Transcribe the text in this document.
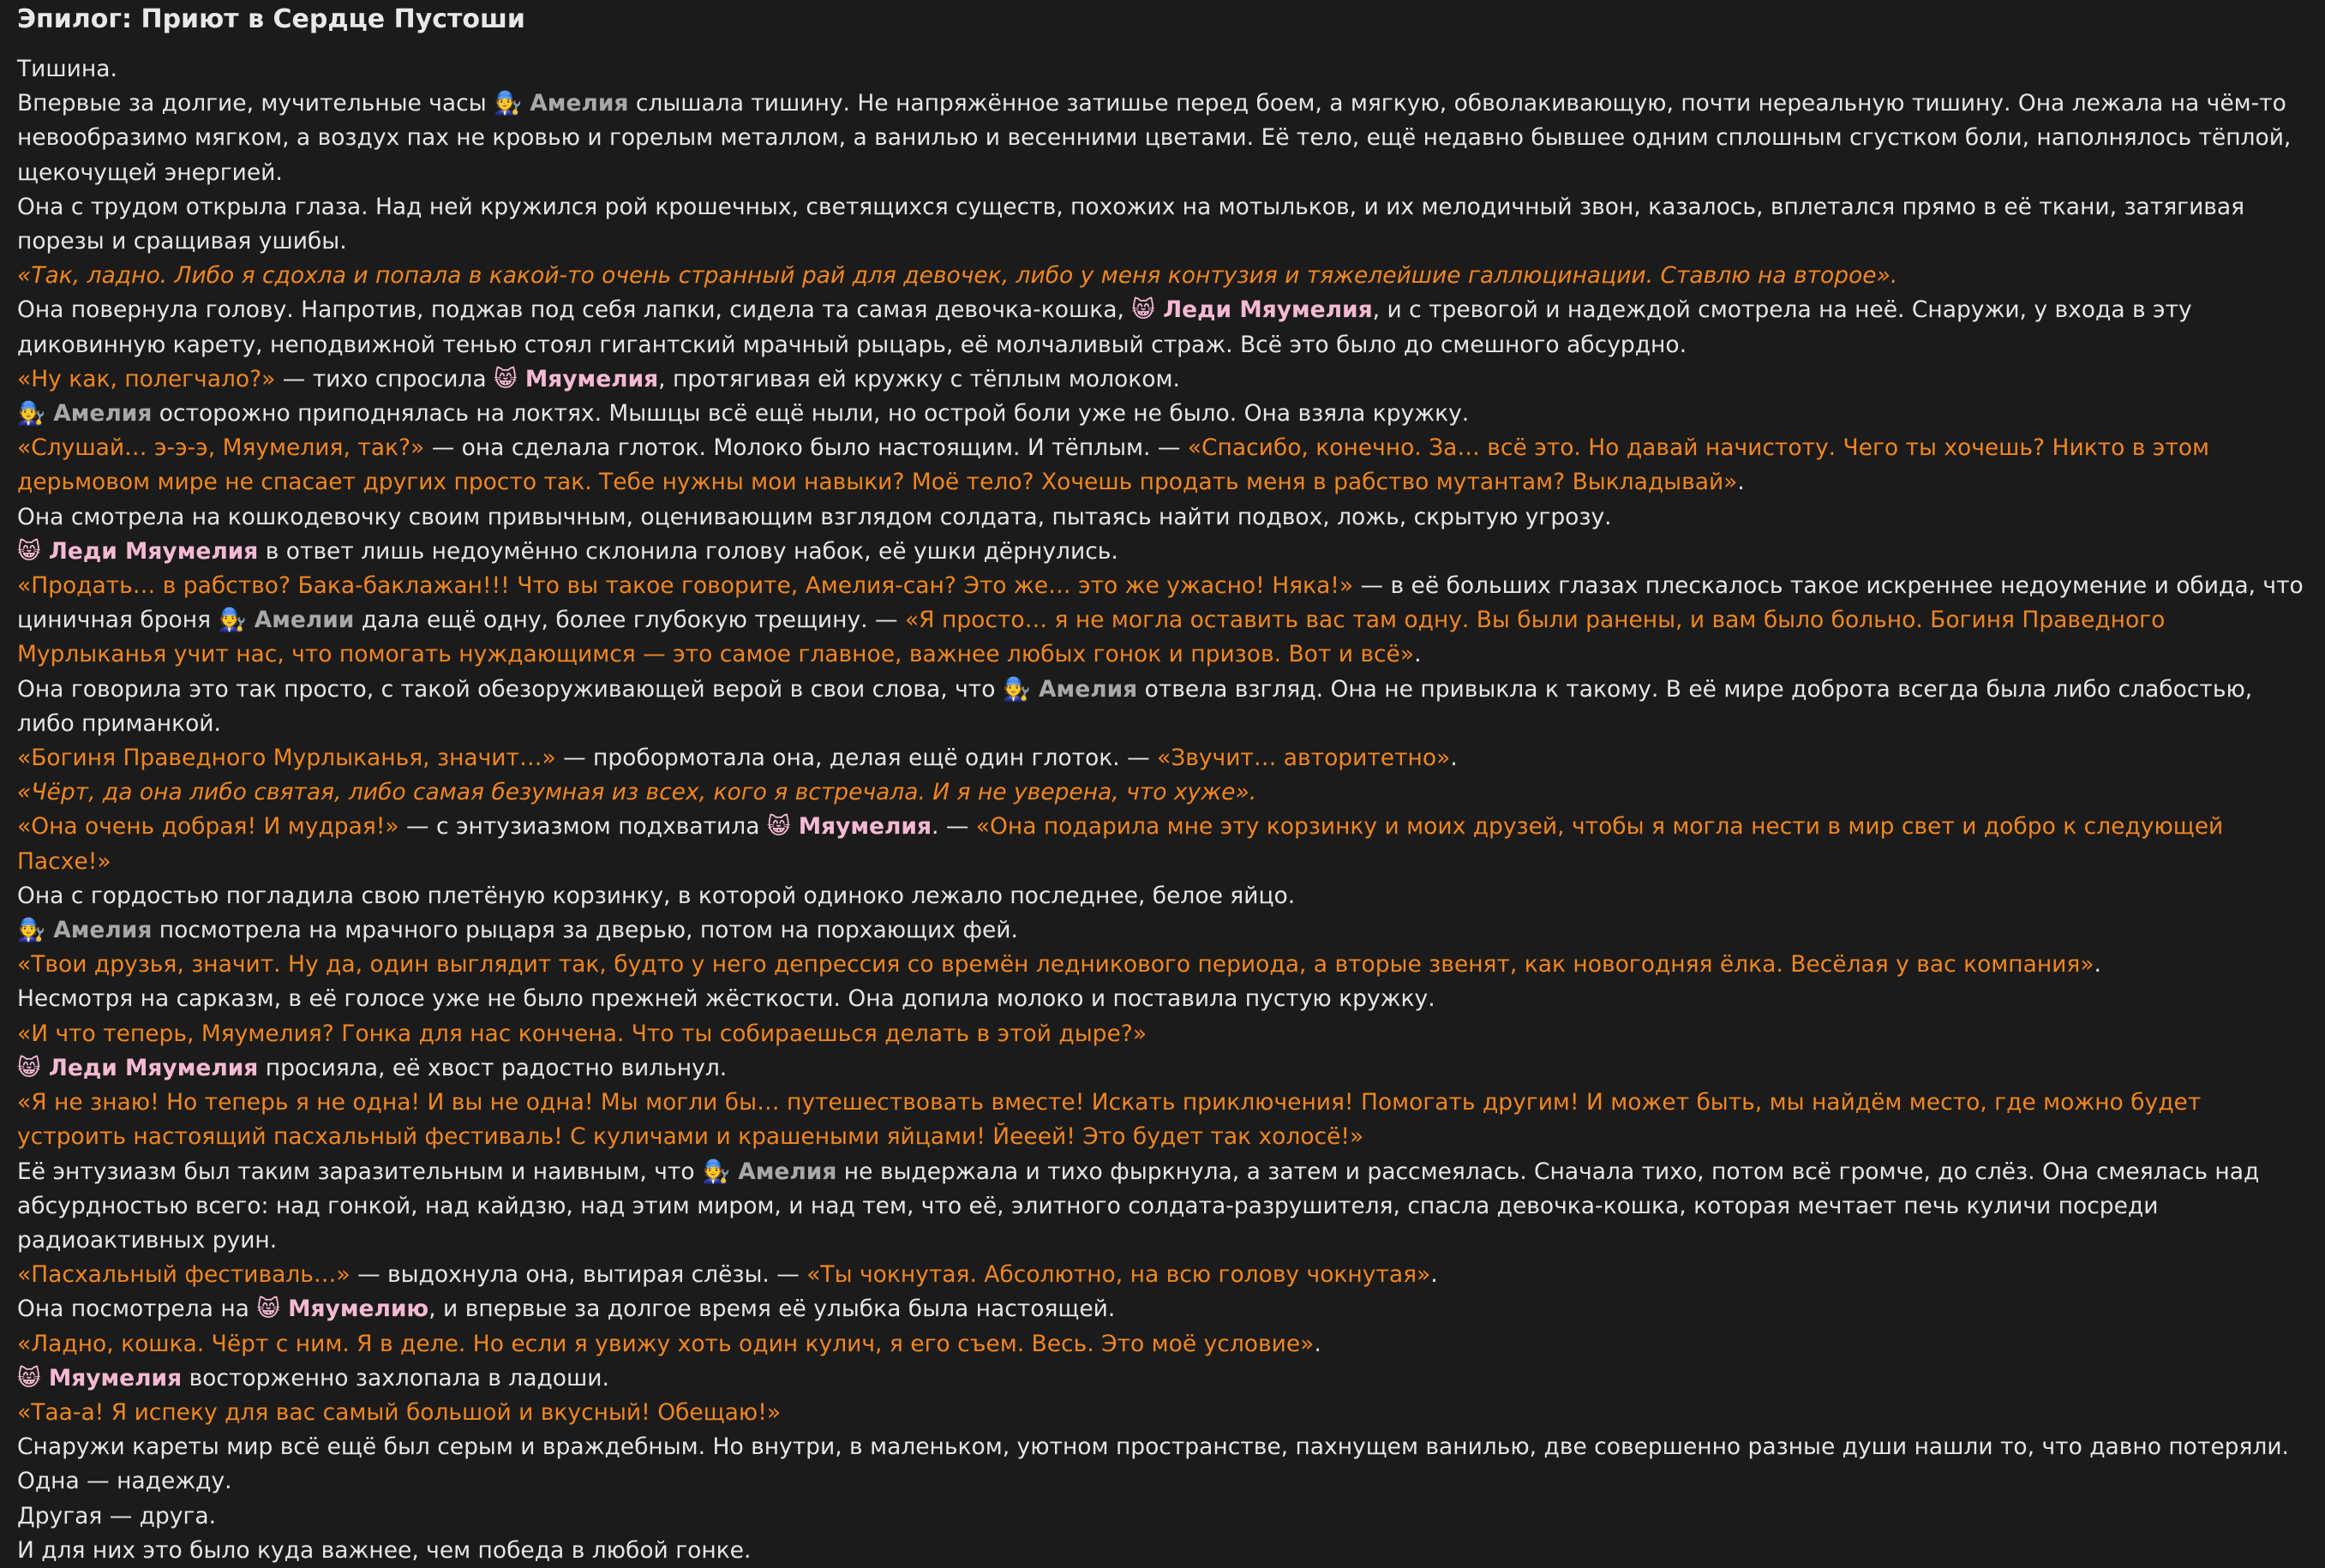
Эпилог: Приют в Сердце Пустоши
Тишина.
Впервые за долгие, мучительные часы 🧑‍🔧 Амелия слышала тишину. Не напряжённое затишье перед боем, а мягкую, обволакивающую, почти нереальную тишину. Она лежала на чём-то невообразимо мягком, а воздух пах не кровью и горелым металлом, а ванилью и весенними цветами. Её тело, ещё недавно бывшее одним сплошным сгустком боли, наполнялось тёплой, щекочущей энергией.
Она с трудом открыла глаза. Над ней кружился рой крошечных, светящихся существ, похожих на мотыльков, и их мелодичный звон, казалось, вплетался прямо в её ткани, затягивая порезы и сращивая ушибы.
«Так, ладно. Либо я сдохла и попала в какой-то очень странный рай для девочек, либо у меня контузия и тяжелейшие галлюцинации. Ставлю на второе».
Она повернула голову. Напротив, поджав под себя лапки, сидела та самая девочка-кошка, 😸 Леди Мяумелия, и с тревогой и надеждой смотрела на неё. Снаружи, у входа в эту диковинную карету, неподвижной тенью стоял гигантский мрачный рыцарь, её молчаливый страж. Всё это было до смешного абсурдно.
«Ну как, полегчало?» — тихо спросила 😸 Мяумелия, протягивая ей кружку с тёплым молоком.
🧑‍🔧 Амелия осторожно приподнялась на локтях. Мышцы всё ещё ныли, но острой боли уже не было. Она взяла кружку.
«Слушай… э-э-э, Мяумелия, так?» — она сделала глоток. Молоко было настоящим. И тёплым. — «Спасибо, конечно. За… всё это. Но давай начистоту. Чего ты хочешь? Никто в этом дерьмовом мире не спасает других просто так. Тебе нужны мои навыки? Моё тело? Хочешь продать меня в рабство мутантам? Выкладывай».
Она смотрела на кошкодевочку своим привычным, оценивающим взглядом солдата, пытаясь найти подвох, ложь, скрытую угрозу.
😸 Леди Мяумелия в ответ лишь недоумённо склонила голову набок, её ушки дёрнулись.
«Продать… в рабство? Бака-баклажан!!! Что вы такое говорите, Амелия-сан? Это же… это же ужасно! Няка!» — в её больших глазах плескалось такое искреннее недоумение и обида, что циничная броня 🧑‍🔧 Амелии дала ещё одну, более глубокую трещину. — «Я просто… я не могла оставить вас там одну. Вы были ранены, и вам было больно. Богиня Праведного Мурлыканья учит нас, что помогать нуждающимся — это самое главное, важнее любых гонок и призов. Вот и всё».
Она говорила это так просто, с такой обезоруживающей верой в свои слова, что 🧑‍🔧 Амелия отвела взгляд. Она не привыкла к такому. В её мире доброта всегда была либо слабостью, либо приманкой.
«Богиня Праведного Мурлыканья, значит…» — пробормотала она, делая ещё один глоток. — «Звучит… авторитетно».
«Чёрт, да она либо святая, либо самая безумная из всех, кого я встречала. И я не уверена, что хуже».
«Она очень добрая! И мудрая!» — с энтузиазмом подхватила 😸 Мяумелия. — «Она подарила мне эту корзинку и моих друзей, чтобы я могла нести в мир свет и добро к следующей Пасхе!»
Она с гордостью погладила свою плетёную корзинку, в которой одиноко лежало последнее, белое яйцо.
🧑‍🔧 Амелия посмотрела на мрачного рыцаря за дверью, потом на порхающих фей.
«Твои друзья, значит. Ну да, один выглядит так, будто у него депрессия со времён ледникового периода, а вторые звенят, как новогодняя ёлка. Весёлая у вас компания».
Несмотря на сарказм, в её голосе уже не было прежней жёсткости. Она допила молоко и поставила пустую кружку.
«И что теперь, Мяумелия? Гонка для нас кончена. Что ты собираешься делать в этой дыре?»
😸 Леди Мяумелия просияла, её хвост радостно вильнул.
«Я не знаю! Но теперь я не одна! И вы не одна! Мы могли бы… путешествовать вместе! Искать приключения! Помогать другим! И может быть, мы найдём место, где можно будет устроить настоящий пасхальный фестиваль! С куличами и крашеными яйцами! Йееей! Это будет так холосё!»
Её энтузиазм был таким заразительным и наивным, что 🧑‍🔧 Амелия не выдержала и тихо фыркнула, а затем и рассмеялась. Сначала тихо, потом всё громче, до слёз. Она смеялась над абсурдностью всего: над гонкой, над кайдзю, над этим миром, и над тем, что её, элитного солдата-разрушителя, спасла девочка-кошка, которая мечтает печь куличи посреди радиоактивных руин.
«Пасхальный фестиваль…» — выдохнула она, вытирая слёзы. — «Ты чокнутая. Абсолютно, на всю голову чокнутая».
Она посмотрела на 😸 Мяумелию, и впервые за долгое время её улыбка была настоящей.
«Ладно, кошка. Чёрт с ним. Я в деле. Но если я увижу хоть один кулич, я его съем. Весь. Это моё условие».
😸 Мяумелия восторженно захлопала в ладоши.
«Таа-а! Я испеку для вас самый большой и вкусный! Обещаю!»
Снаружи кареты мир всё ещё был серым и враждебным. Но внутри, в маленьком, уютном пространстве, пахнущем ванилью, две совершенно разные души нашли то, что давно потеряли.
Одна — надежду.
Другая — друга.
И для них это было куда важнее, чем победа в любой гонке.
